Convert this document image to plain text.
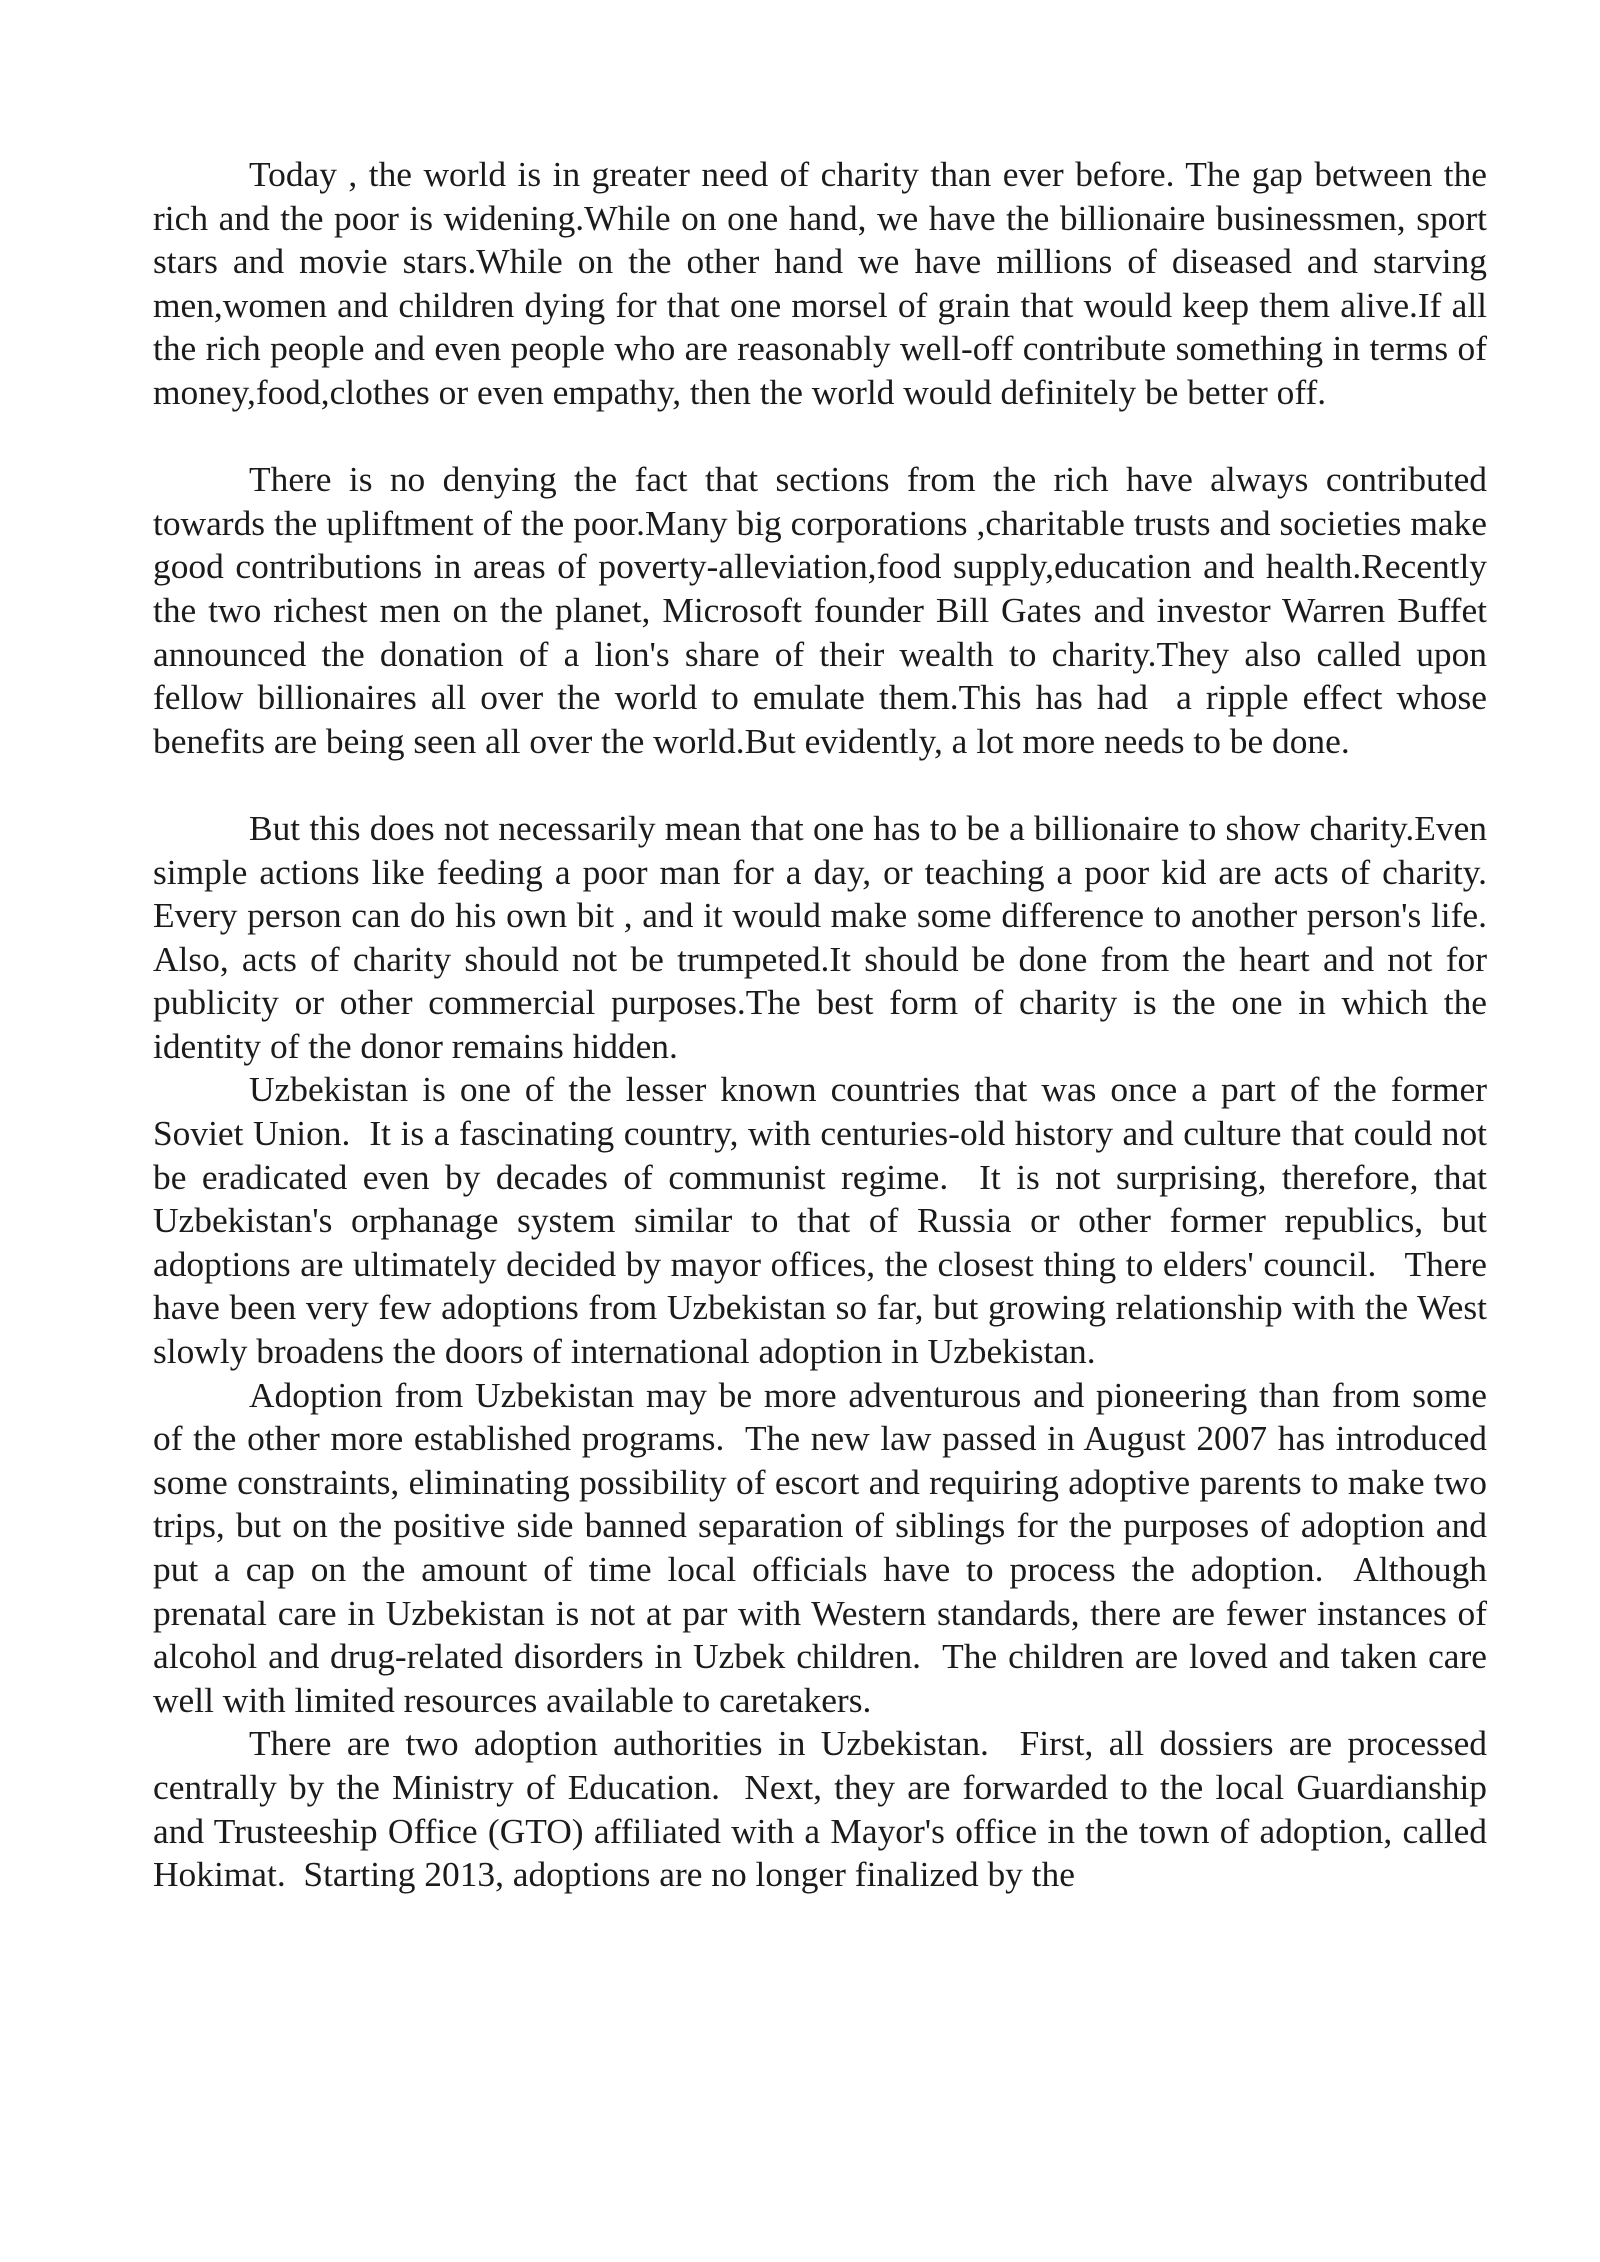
Today , the world is in greater need of charity than ever before. The gap between the rich and the poor is widening.While on one hand, we have the billionaire businessmen, sport stars and movie stars.While on the other hand we have millions of diseased and starving men,women and children dying for that one morsel of grain that would keep them alive.If all the rich people and even people who are reasonably well-off contribute something in terms of money,food,clothes or even empathy, then the world would definitely be better off.

There is no denying the fact that sections from the rich have always contributed towards the upliftment of the poor.Many big corporations ,charitable trusts and societies make good contributions in areas of poverty-alleviation,food supply,education and health.Recently the two richest men on the planet, Microsoft founder Bill Gates and investor Warren Buffet announced the donation of a lion's share of their wealth to charity.They also called upon fellow billionaires all over the world to emulate them.This has had  a ripple effect whose benefits are being seen all over the world.But evidently, a lot more needs to be done.

But this does not necessarily mean that one has to be a billionaire to show charity.Even simple actions like feeding a poor man for a day, or teaching a poor kid are acts of charity. Every person can do his own bit , and it would make some difference to another person's life. Also, acts of charity should not be trumpeted.It should be done from the heart and not for publicity or other commercial purposes.The best form of charity is the one in which the identity of the donor remains hidden.

Uzbekistan is one of the lesser known countries that was once a part of the former Soviet Union.  It is a fascinating country, with centuries-old history and culture that could not be eradicated even by decades of communist regime.  It is not surprising, therefore, that Uzbekistan's orphanage system similar to that of Russia or other former republics, but adoptions are ultimately decided by mayor offices, the closest thing to elders' council.   There have been very few adoptions from Uzbekistan so far, but growing relationship with the West slowly broadens the doors of international adoption in Uzbekistan.

Adoption from Uzbekistan may be more adventurous and pioneering than from some of the other more established programs.  The new law passed in August 2007 has introduced some constraints, eliminating possibility of escort and requiring adoptive parents to make two trips, but on the positive side banned separation of siblings for the purposes of adoption and put a cap on the amount of time local officials have to process the adoption.  Although prenatal care in Uzbekistan is not at par with Western standards, there are fewer instances of alcohol and drug-related disorders in Uzbek children.  The children are loved and taken care well with limited resources available to caretakers.

There are two adoption authorities in Uzbekistan.  First, all dossiers are processed centrally by the Ministry of Education.  Next, they are forwarded to the local Guardianship and Trusteeship Office (GTO) affiliated with a Mayor's office in the town of adoption, called Hokimat.  Starting 2013, adoptions are no longer finalized by the
